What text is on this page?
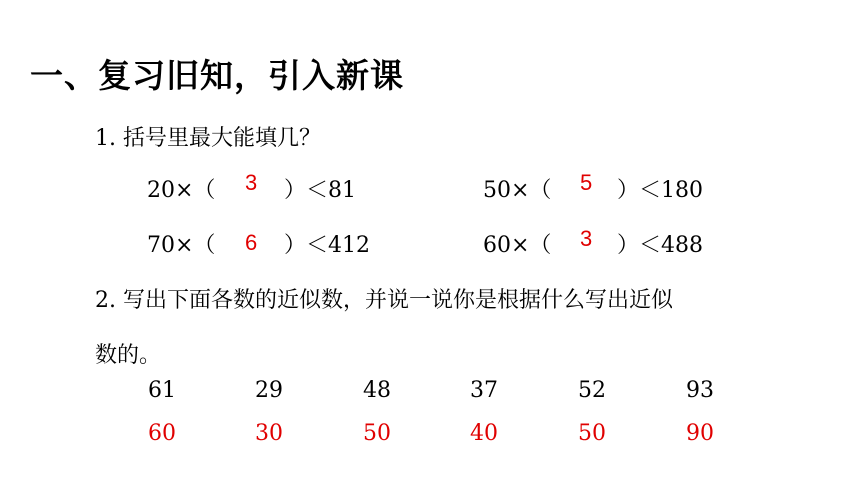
一、复习旧知，引入新课
1. 括号里最大能填几？
20×（ 3 ）＜81	50×（ 5 ）＜180
70×（ 6 ）＜412	60×（ 3 ）＜488
2. 写出下面各数的近似数，并说一说你是根据什么写出近似
数的。
61	29	48	37	52	93
60	30	50	40	50	90
